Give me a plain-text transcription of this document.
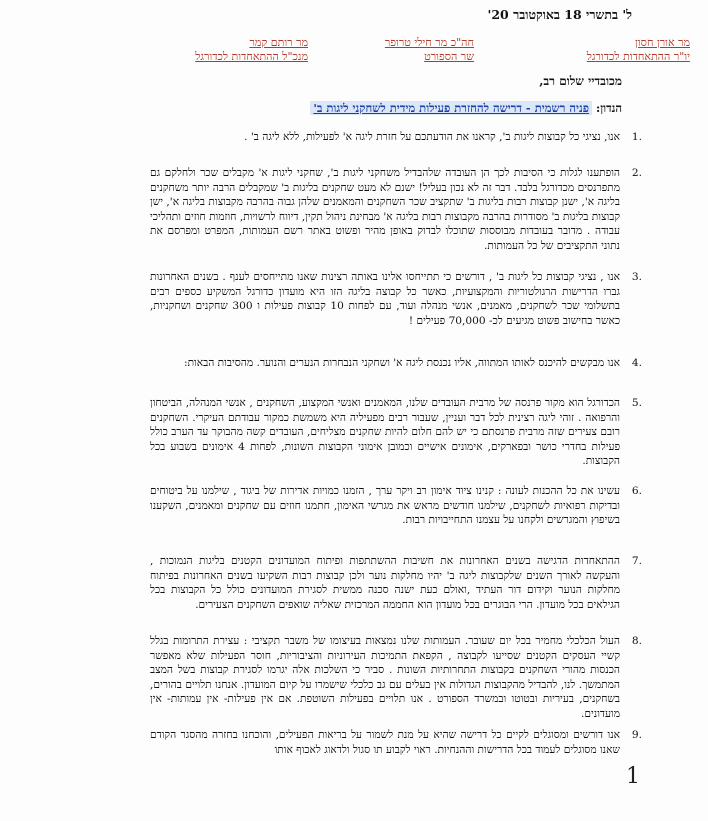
ל' בתשרי 18 באוקטובר 20'
מר אורן חסון
יו"ר ההתאחדות לכדורגל
חה"כ מר חילי טרופר
שר הספורט
מר רותם קמר
מנכ"ל ההתאחדות לכדורגל
מכובדיי שלום רב,
הנדון: פניה רשמית - דרישה להחזרת פעילות מידית לשחקני ליגות ב'
1.
אנו, נציגי כל קבוצות ליגות ב', קראנו את הודעתכם על חזרת ליגה א' לפעילות, ללא ליגה ב' .
2.
הופתענו לגלות כי הסיבות לכך הן העובדה שלהבדיל משחקני ליגות ב', שחקני ליגות א' מקבלים שכר ולחלקם גם מתפרנסים מכדורגל בלבד. דבר זה לא נכון בעליל! ישנם לא מעט שחקנים בליגות ב' שמקבלים הרבה יותר משחקנים בליגה א', ישנן קבוצות רבות בליגות ב' שתקציב שכר השחקנים והמאמנים שלהן גבוה בהרבה מקבוצות בליגה א', ישן קבוצות בליגות ב' מסודרות בהרבה מקבוצות רבות בליגה א' מבחינת ניהול תקין, דיווח לרשויות, חוזמות חוזים ותהליכי עבודה . מדובר בעובדות מבוססות שתוכלו לבדוק באופן מהיר ופשוט באתר רשם העמותות, המפרט ומפרסם את נתוני התקציבים של כל העמותות.
3.
אנו , נציגי קבוצות כל ליגות ב' , דורשים כי תתייחסו אלינו באותה רצינות שאנו מתייחסים לענף . בשנים האחרונות גברו הדרישות הרגולטוריות והמקצועיות, כאשר כל קבוצה בליגה הזו היא מועדון כדורגל המשקיע כספים רבים בתשלומי שכר לשחקנים, מאמנים, אנשי מנהלה ועוד, עם לפחות 10 קבוצות פעילות ו 300 שחקנים ושחקניות, כאשר בחישוב פשוט מגיעים לכ- 70,000 פעילים !
4.
אנו מבקשים להיכנס לאותו המתווה, אליו נכנסת ליגה א' ושחקני הנבחרות הנערים והנוער. מהסיבות הבאות:
5.
הכדורגל הוא מקור פרנסה של מרבית העובדים שלנו, המאמנים ואנשי המקצוע, השחקנים , אנשי המנהלה, הביטחון והרפואה . זוהי ליגה רצינית לכל דבר ועניין, שעבור רבים מפעיליה היא משמשת כמקור עבודתם העיקרי. השחקנים רובם צעירים שזה מרבית פרנסתם כי יש להם חלום להיות שחקנים מצליחים, העובדים קשה מהבוקר עד הערב כולל פעילות בחדרי כושר ובפארקים, אימונים אישיים וכמובן אימוני הקבוצות השונות, לפחות 4 אימונים בשבוע בכל הקבוצות.
6.
עשינו את כל ההכנות לעונה : קנינו ציוד אימון רב ויקר ערך , הזמנו כמויות אדירות של ביגוד , שילמנו על ביטוחים ובדיקות רפואיות לשחקנים, שילמנו חודשים מראש את מגרשי האימון, חתמנו חוזים עם שחקנים ומאמנים, השקענו בשיפוץ והמגרשים ולקחנו על עצמנו התחייבויות רבות.
7.
ההתאחדות הדגישה בשנים האחרונות את חשיבות ההשתתפות ופיתוח המועדונים הקטנים בליגות הנמוכות , והעקשה לאורך השנים שלקבוצות ליגה ב' יהיו מחלקות נוער ולכן קבוצות רבות השקיעו בשנים האחרונות בפיתוח מחלקות הנוער וקידום דור העתיד ,ואולם כעת ישנה סכנה ממשית לסגירת המועדונים כולל כל הקבוצות בכל הגילאים בכל מועדון. הרי הבוגרים בכל מועדון הוא החממה המרכזית שאליה שואפים השחקנים הצעירים.
8.
העול הכלכלי מחמיר בכל יום שעובר. העמותות שלנו נמצאות בעיצומו של משבר תקציבי : עצירת התרומות בגלל קשיי העסקים הקטנים שסייעו לקבוצה , הקפאת התמיכות העירוניות והציבוריות, חוסר הפעילות שלא מאפשר הכנסות מהורי השחקנים בקבוצות התחרותיות השונות . סביר כי השלכות אלה יגרמו לסגירת קבוצות בשל המצב המתמשך. לנו, להבדיל מהקבוצות הגדולות אין בעלים עם גב כלכלי שישמרו על קיום המועדון. אנחנו תלויים בהורים, בשחקנים, בעיריות ובטוטו ובמשרד הספורט . אנו תלויים בפעילות השוטפת. אם אין פעילות- אין עמותות- אין מועדונים.
9.
אנו דורשים ומסוגלים לקיים כל דרישה שהיא על מנת לשמור על בריאות הפעילים, והוכחנו בחזרה מהסגר הקודם שאנו מסוגלים לעמוד בכל הדרישות וההנחיות. ראוי לקבוע תו סגול ולדאוג לאכוף אותו
1
